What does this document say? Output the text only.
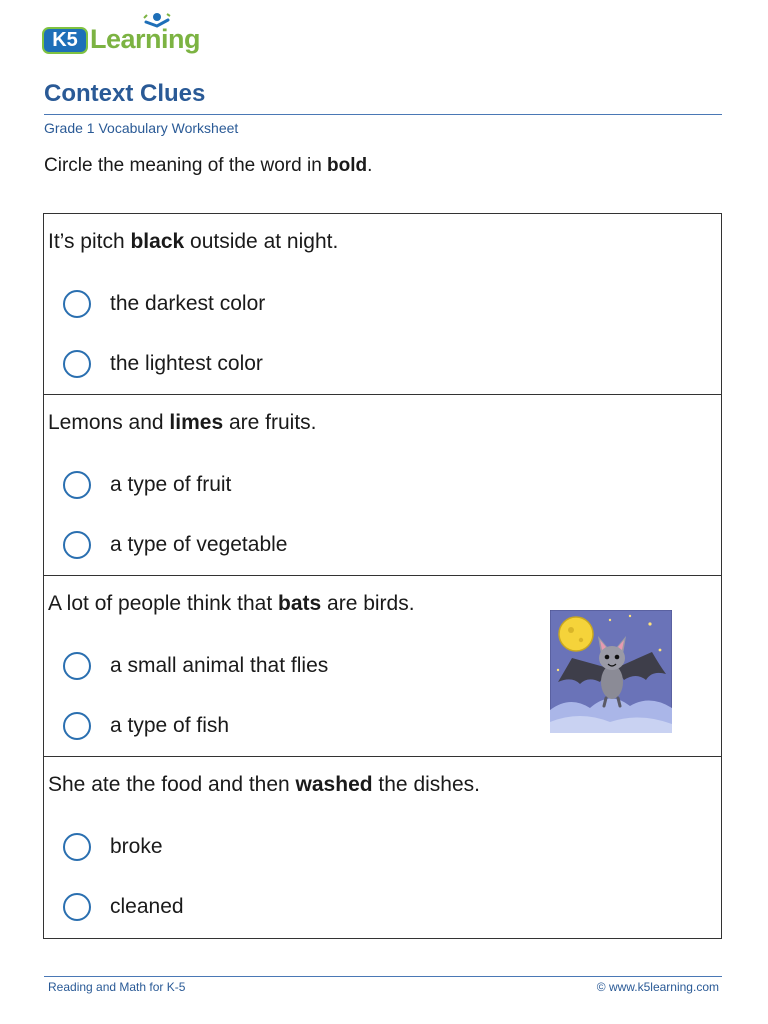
K5 Learning
Context Clues
Grade 1 Vocabulary Worksheet
Circle the meaning of the word in bold.
It’s pitch black outside at night.
the darkest color
the lightest color
Lemons and limes are fruits.
a type of fruit
a type of vegetable
A lot of people think that bats are birds.
a small animal that flies
a type of fish
She ate the food and then washed the dishes.
broke
cleaned
Reading and Math for K-5	© www.k5learning.com
